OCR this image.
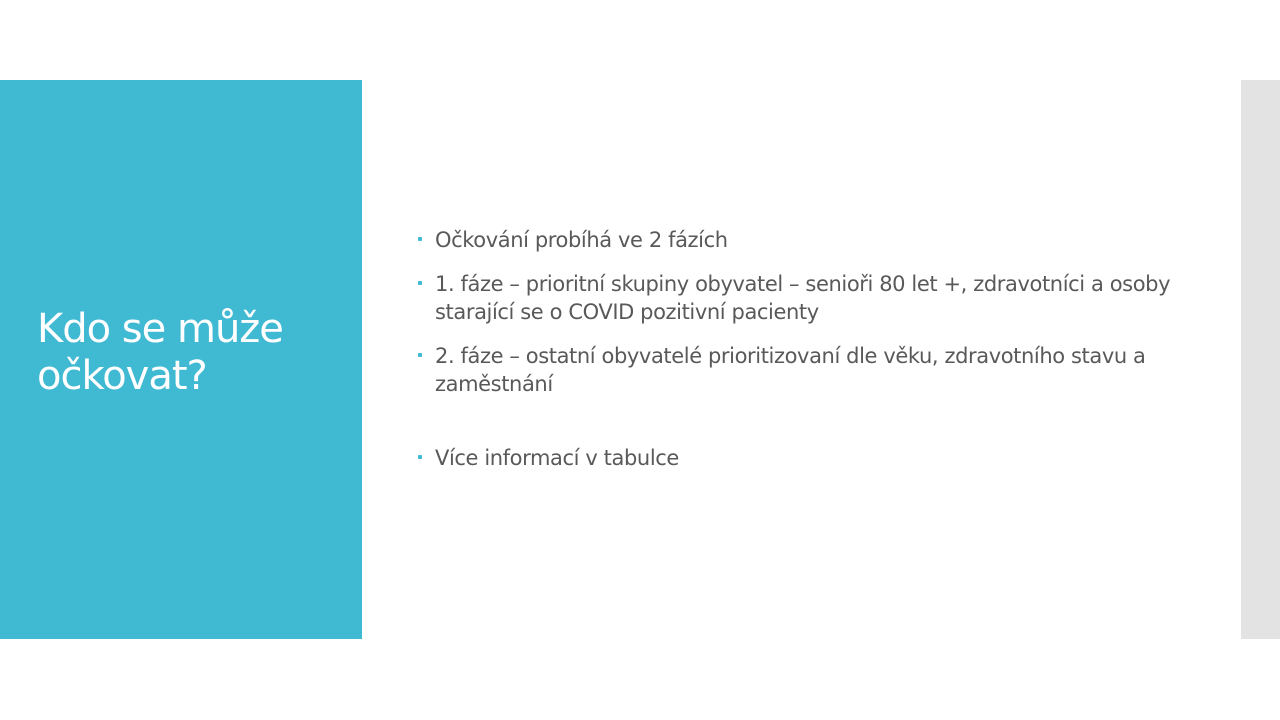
Kdo se může očkovat?
Očkování probíhá ve 2 fázích
1. fáze – prioritní skupiny obyvatel – senioři 80 let +, zdravotníci a osoby starající se o COVID pozitivní pacienty
2. fáze – ostatní obyvatelé prioritizovaní dle věku, zdravotního stavu a zaměstnání
Více informací v tabulce
